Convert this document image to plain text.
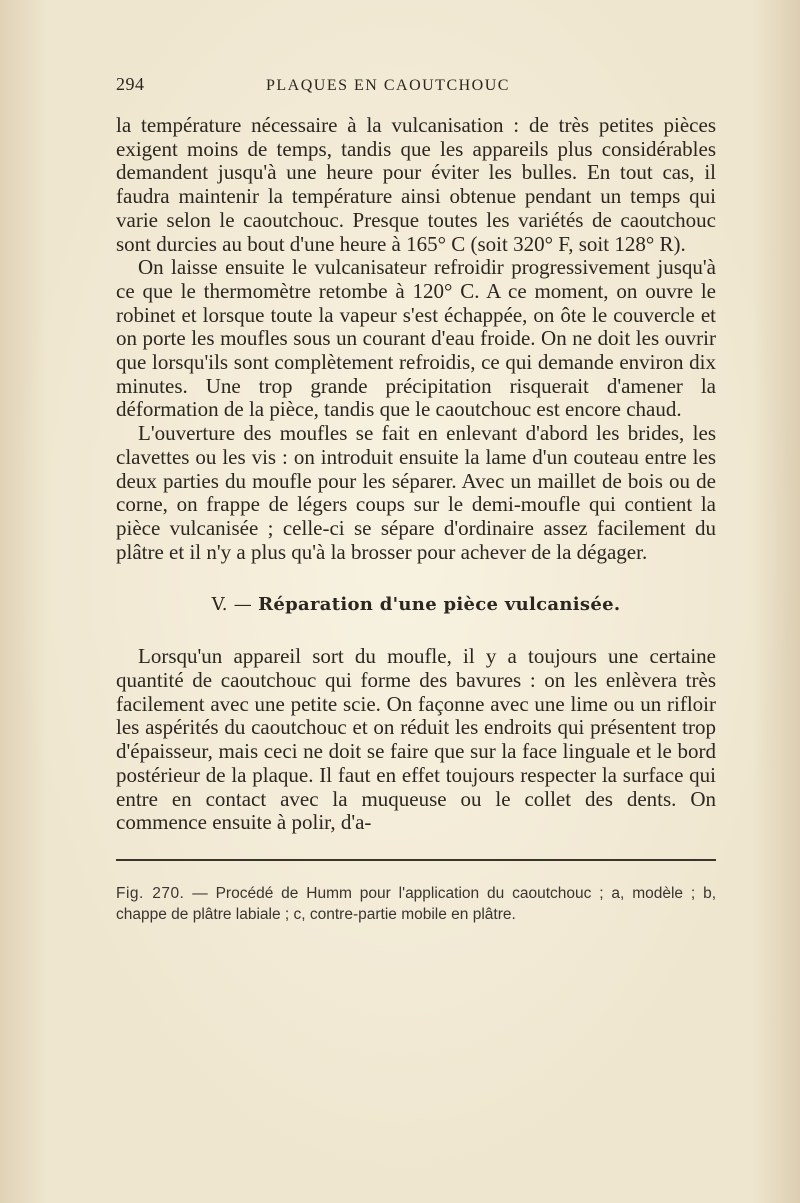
294	PLAQUES EN CAOUTCHOUC

la température nécessaire à la vulcanisation : de très petites pièces exigent moins de temps, tandis que les appareils plus considérables demandent jusqu'à une heure pour éviter les bulles. En tout cas, il faudra maintenir la température ainsi obtenue pendant un temps qui varie selon le caoutchouc. Presque toutes les variétés de caoutchouc sont durcies au bout d'une heure à 165° C (soit 320° F, soit 128° R).

On laisse ensuite le vulcanisateur refroidir progressivement jusqu'à ce que le thermomètre retombe à 120° C. A ce moment, on ouvre le robinet et lorsque toute la vapeur s'est échappée, on ôte le couvercle et on porte les moufles sous un courant d'eau froide. On ne doit les ouvrir que lorsqu'ils sont complètement refroidis, ce qui demande environ dix minutes. Une trop grande précipitation risquerait d'amener la déformation de la pièce, tandis que le caoutchouc est encore chaud.

L'ouverture des moufles se fait en enlevant d'abord les brides, les clavettes ou les vis : on introduit ensuite la lame d'un couteau entre les deux parties du moufle pour les séparer. Avec un maillet de bois ou de corne, on frappe de légers coups sur le demi-moufle qui contient la pièce vulcanisée ; celle-ci se sépare d'ordinaire assez facilement du plâtre et il n'y a plus qu'à la brosser pour achever de la dégager.

V. — Réparation d'une pièce vulcanisée.

Lorsqu'un appareil sort du moufle, il y a toujours une certaine quantité de caoutchouc qui forme des bavures : on les enlèvera très facilement avec une petite scie. On façonne avec une lime ou un rifloir les aspérités du caoutchouc et on réduit les endroits qui présentent trop d'épaisseur, mais ceci ne doit se faire que sur la face linguale et le bord postérieur de la plaque. Il faut en effet toujours respecter la surface qui entre en contact avec la muqueuse ou le collet des dents. On commence ensuite à polir, d'a-

Fig. 270. — Procédé de Humm pour l'application du caoutchouc ; a, modèle ; b, chappe de plâtre labiale ; c, contre-partie mobile en plâtre.
